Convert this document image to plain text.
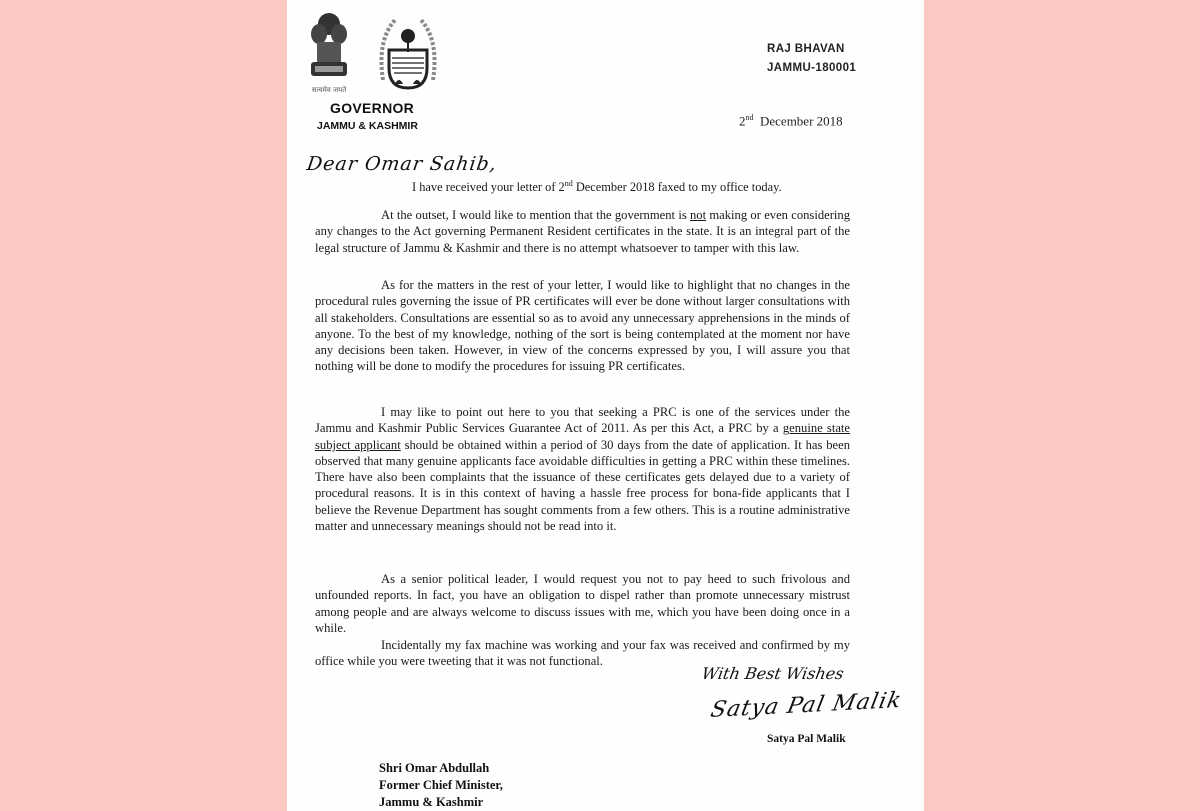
सत्यमेव जयते
GOVERNOR
JAMMU & KASHMIR
RAJ BHAVAN
JAMMU-180001
2nd December 2018
Dear Omar Sahib,
I have received your letter of 2nd December 2018 faxed to my office today.
At the outset, I would like to mention that the government is not making or even considering any changes to the Act governing Permanent Resident certificates in the state. It is an integral part of the legal structure of Jammu & Kashmir and there is no attempt whatsoever to tamper with this law.
As for the matters in the rest of your letter, I would like to highlight that no changes in the procedural rules governing the issue of PR certificates will ever be done without larger consultations with all stakeholders. Consultations are essential so as to avoid any unnecessary apprehensions in the minds of anyone. To the best of my knowledge, nothing of the sort is being contemplated at the moment nor have any decisions been taken. However, in view of the concerns expressed by you, I will assure you that nothing will be done to modify the procedures for issuing PR certificates.
I may like to point out here to you that seeking a PRC is one of the services under the Jammu and Kashmir Public Services Guarantee Act of 2011. As per this Act, a PRC by a genuine state subject applicant should be obtained within a period of 30 days from the date of application. It has been observed that many genuine applicants face avoidable difficulties in getting a PRC within these timelines. There have also been complaints that the issuance of these certificates gets delayed due to a variety of procedural reasons. It is in this context of having a hassle free process for bona-fide applicants that I believe the Revenue Department has sought comments from a few others. This is a routine administrative matter and unnecessary meanings should not be read into it.
As a senior political leader, I would request you not to pay heed to such frivolous and unfounded reports. In fact, you have an obligation to dispel rather than promote unnecessary mistrust among people and are always welcome to discuss issues with me, which you have been doing once in a while.
Incidentally my fax machine was working and your fax was received and confirmed by my office while you were tweeting that it was not functional.
With Best Wishes
Satya Pal Malik
Satya Pal Malik
Shri Omar Abdullah
Former Chief Minister,
Jammu & Kashmir
